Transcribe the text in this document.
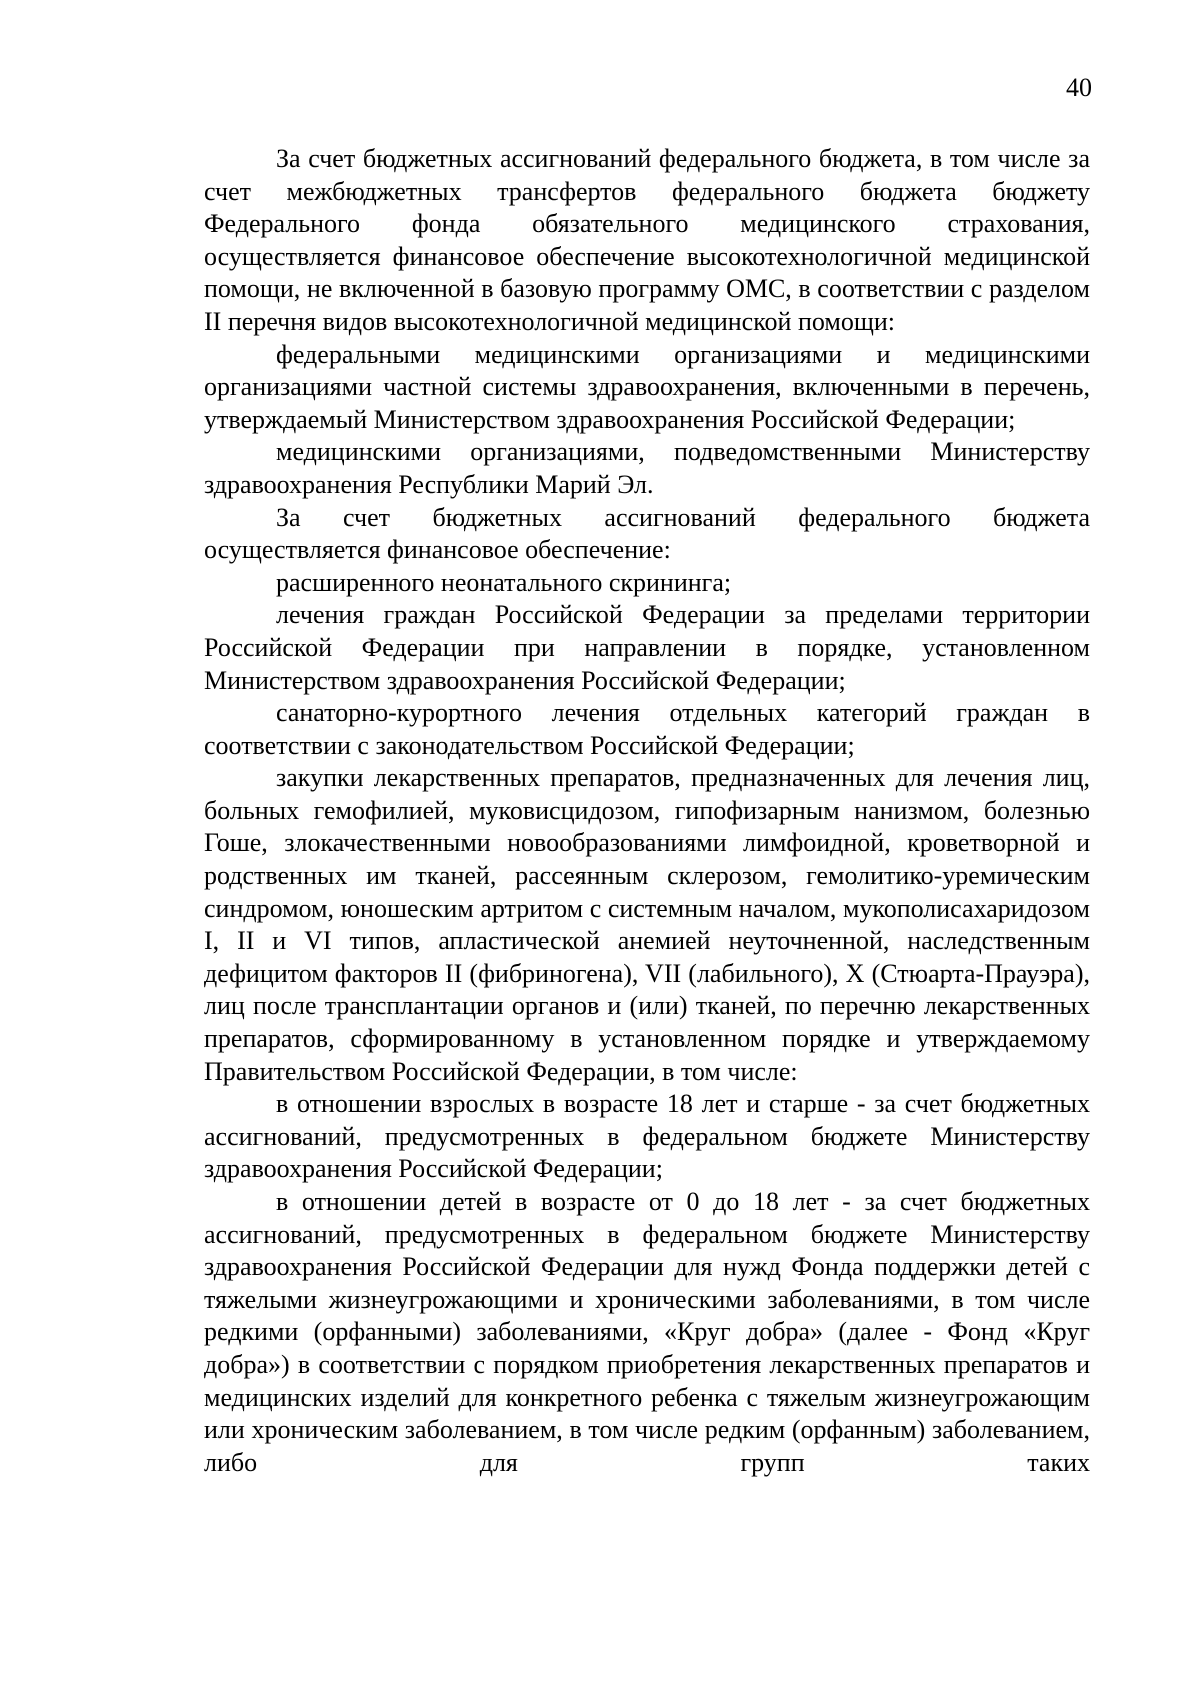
40

За счет бюджетных ассигнований федерального бюджета, в том числе за счет межбюджетных трансфертов федерального бюджета бюджету Федерального фонда обязательного медицинского страхования, осуществляется финансовое обеспечение высокотехнологичной медицинской помощи, не включенной в базовую программу ОМС, в соответствии с разделом II перечня видов высокотехнологичной медицинской помощи:

федеральными медицинскими организациями и медицинскими организациями частной системы здравоохранения, включенными в перечень, утверждаемый Министерством здравоохранения Российской Федерации;

медицинскими организациями, подведомственными Министерству здравоохранения Республики Марий Эл.

За счет бюджетных ассигнований федерального бюджета осуществляется финансовое обеспечение:

расширенного неонатального скрининга;

лечения граждан Российской Федерации за пределами территории Российской Федерации при направлении в порядке, установленном Министерством здравоохранения Российской Федерации;

санаторно-курортного лечения отдельных категорий граждан в соответствии с законодательством Российской Федерации;

закупки лекарственных препаратов, предназначенных для лечения лиц, больных гемофилией, муковисцидозом, гипофизарным нанизмом, болезнью Гоше, злокачественными новообразованиями лимфоидной, кроветворной и родственных им тканей, рассеянным склерозом, гемолитико-уремическим синдромом, юношеским артритом с системным началом, мукополисахаридозом I, II и VI типов, апластической анемией неуточненной, наследственным дефицитом факторов II (фибриногена), VII (лабильного), X (Стюарта-Прауэра), лиц после трансплантации органов и (или) тканей, по перечню лекарственных препаратов, сформированному в установленном порядке и утверждаемому Правительством Российской Федерации, в том числе:

в отношении взрослых в возрасте 18 лет и старше - за счет бюджетных ассигнований, предусмотренных в федеральном бюджете Министерству здравоохранения Российской Федерации;

в отношении детей в возрасте от 0 до 18 лет - за счет бюджетных ассигнований, предусмотренных в федеральном бюджете Министерству здравоохранения Российской Федерации для нужд Фонда поддержки детей с тяжелыми жизнеугрожающими и хроническими заболеваниями, в том числе редкими (орфанными) заболеваниями, «Круг добра» (далее - Фонд «Круг добра») в соответствии с порядком приобретения лекарственных препаратов и медицинских изделий для конкретного ребенка с тяжелым жизнеугрожающим или хроническим заболеванием, в том числе редким (орфанным) заболеванием, либо для групп таких
